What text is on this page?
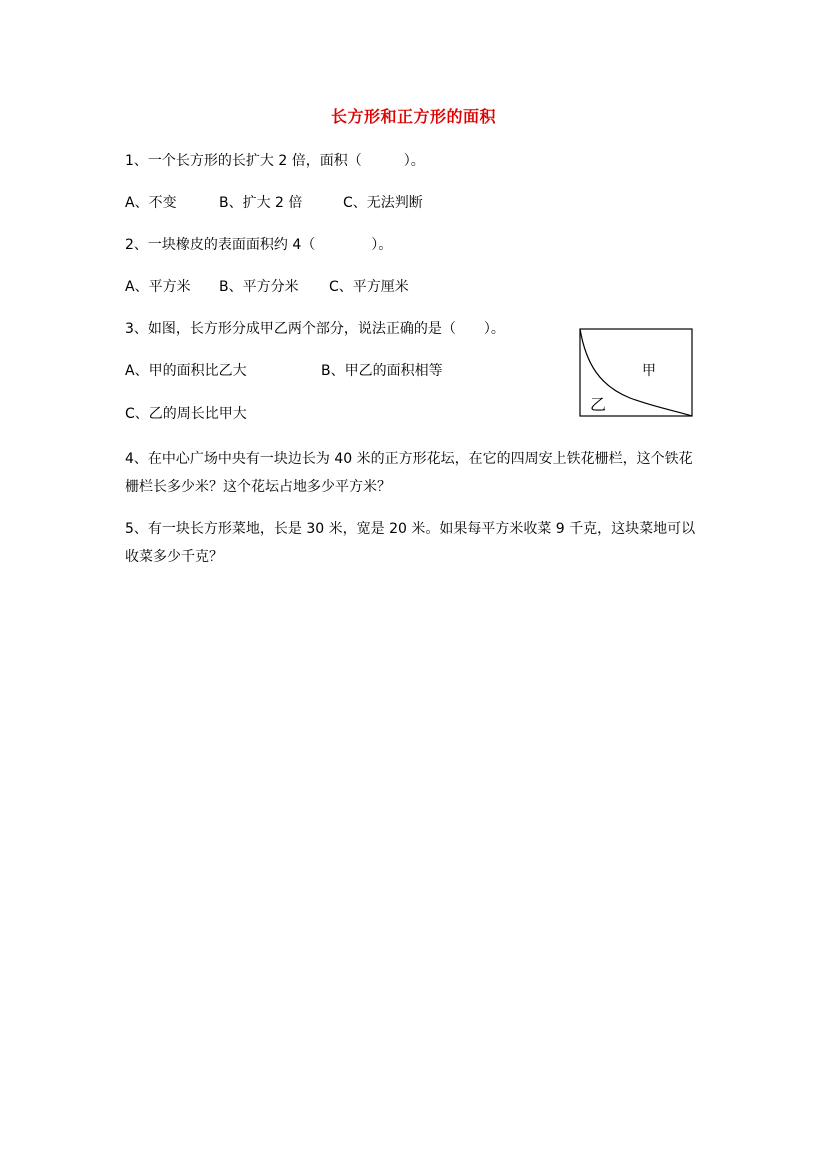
长方形和正方形的面积
1、一个长方形的长扩大 2 倍，面积（　　　）。
A、不变	B、扩大 2 倍	C、无法判断
2、一块橡皮的表面面积约 4（　　　　）。
A、平方米 B、平方分米 C、平方厘米
3、如图，长方形分成甲乙两个部分，说法正确的是（　　）。
A、甲的面积比乙大	B、甲乙的面积相等
C、乙的周长比甲大
甲
乙
4、在中心广场中央有一块边长为 40 米的正方形花坛，在它的四周安上铁花栅栏，这个铁花栅栏长多少米？这个花坛占地多少平方米？
5、有一块长方形菜地，长是 30 米，宽是 20 米。如果每平方米收菜 9 千克，这块菜地可以收菜多少千克？
